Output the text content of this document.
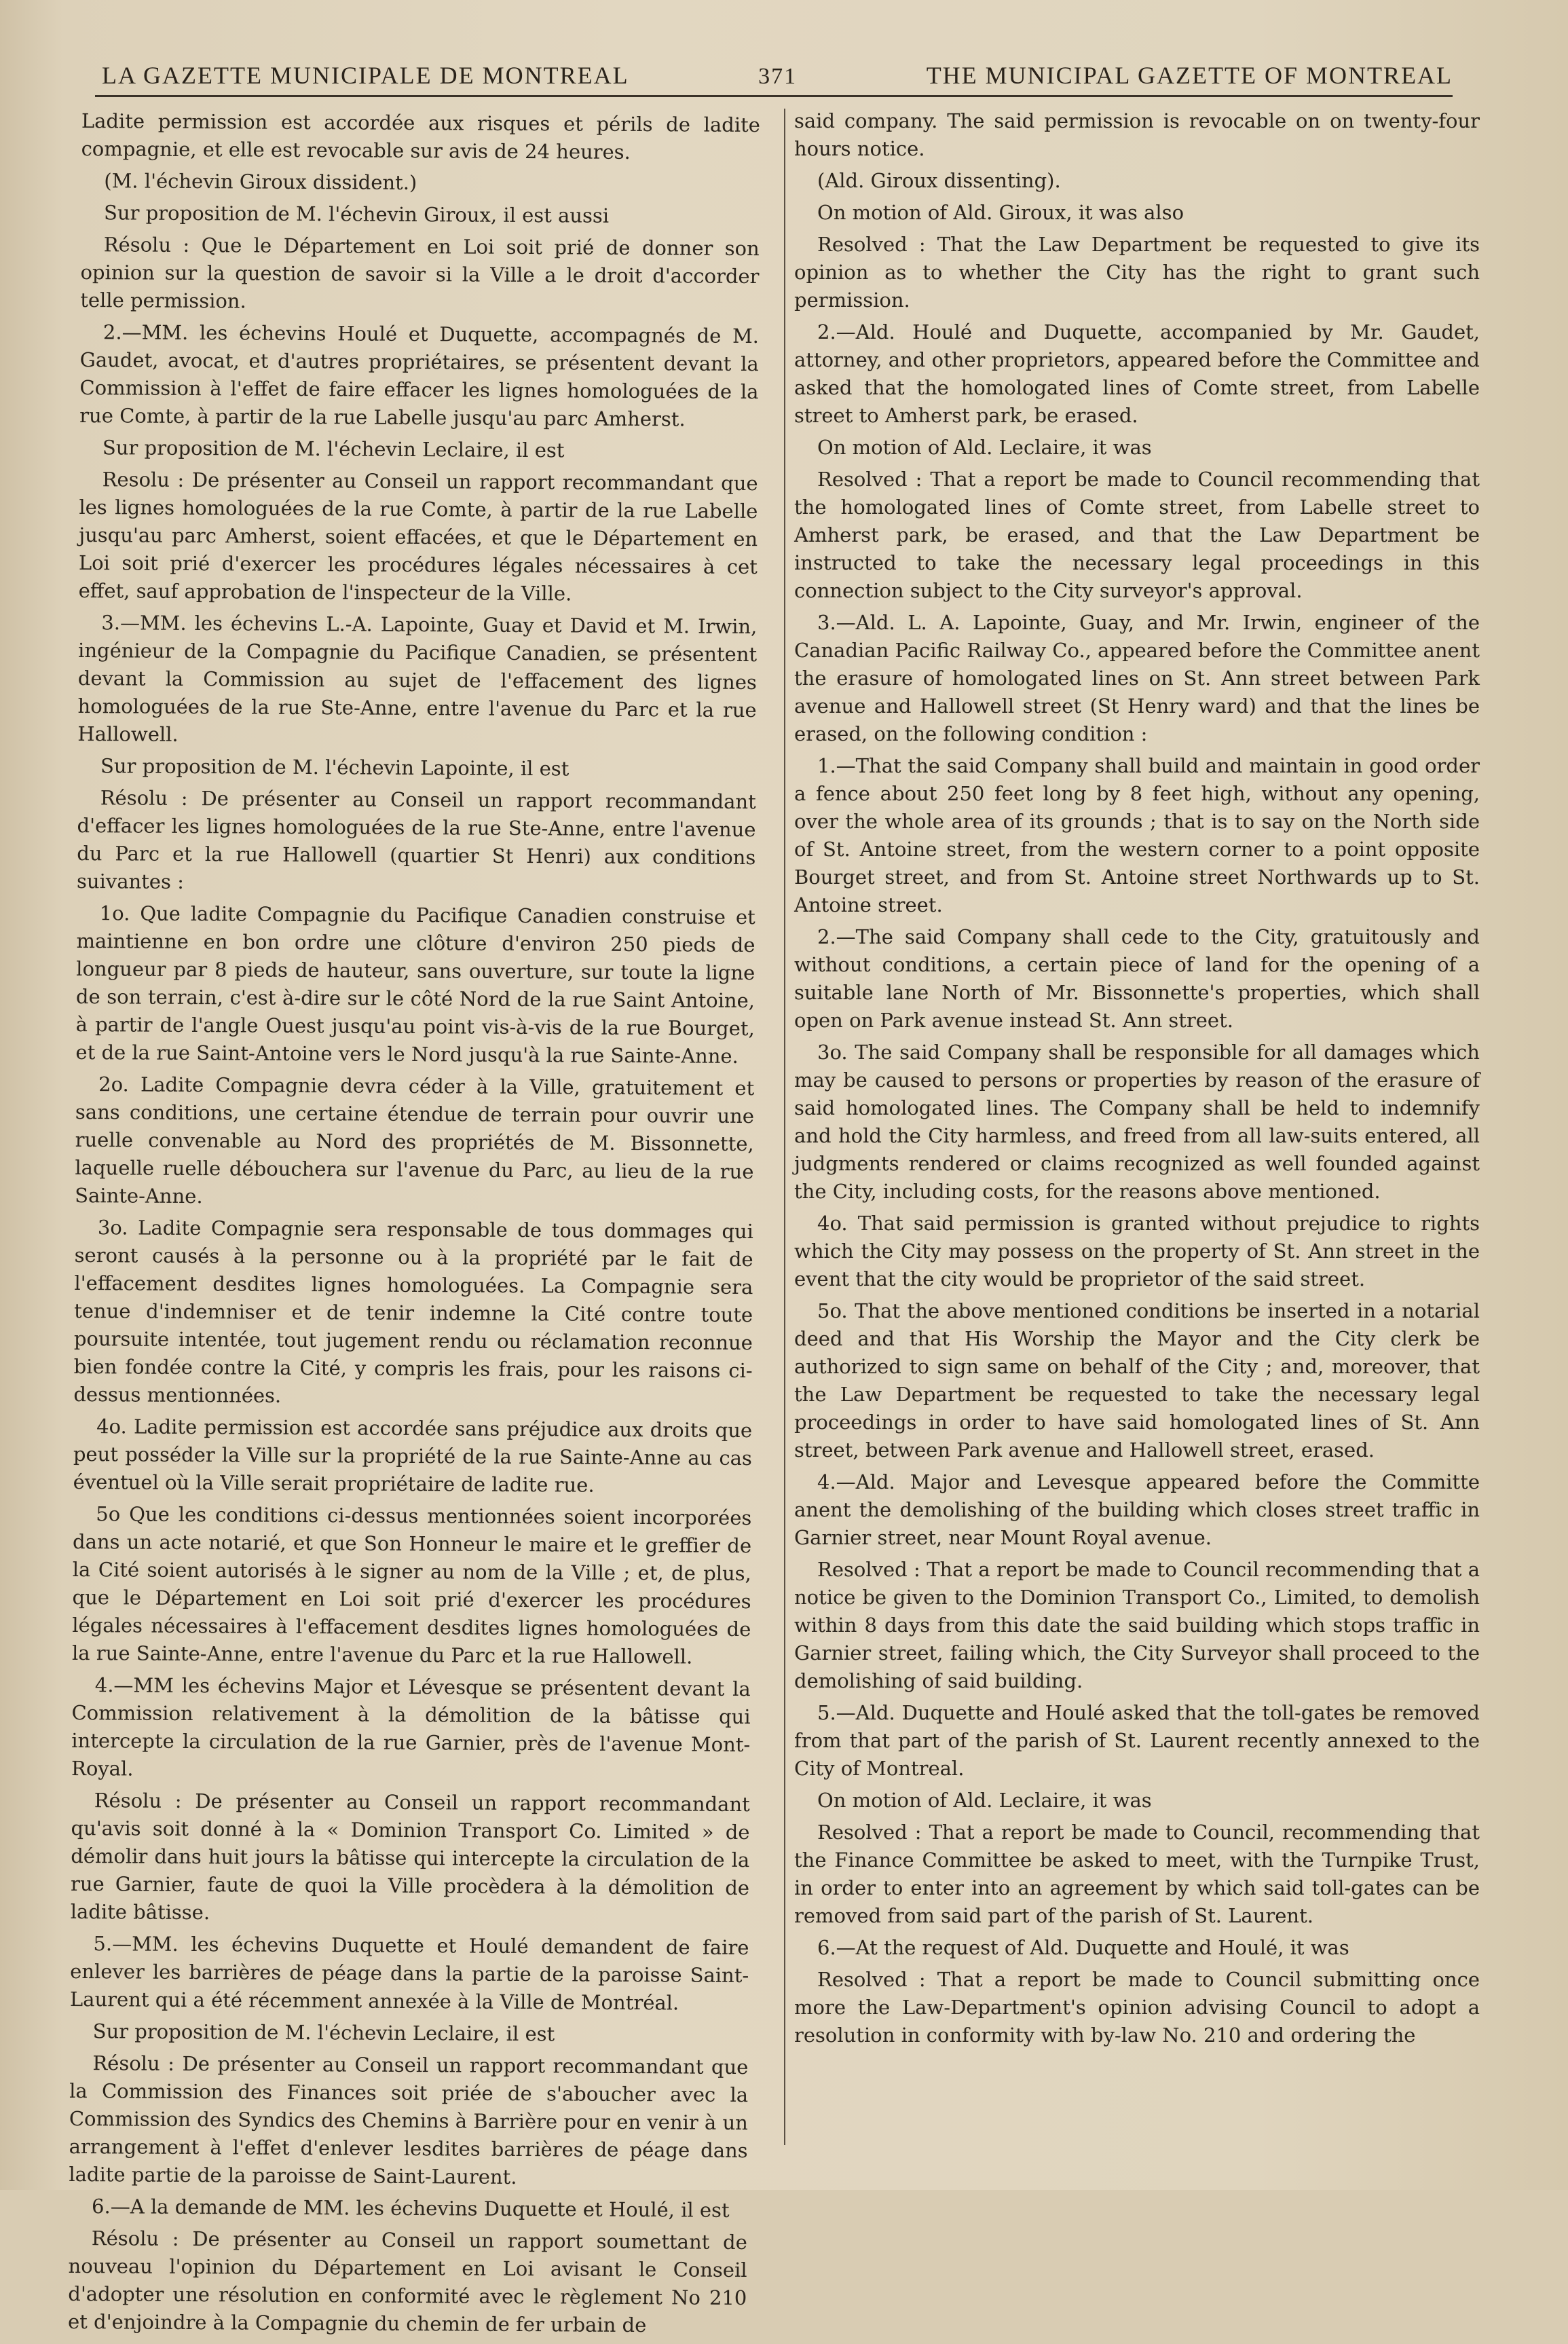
LA GAZETTE MUNICIPALE DE MONTREAL	371	THE MUNICIPAL GAZETTE OF MONTREAL

Ladite permission est accordée aux risques et périls de ladite compagnie, et elle est revocable sur avis de 24 heures.

(M. l'échevin Giroux dissident.)

Sur proposition de M. l'échevin Giroux, il est aussi

Résolu : Que le Département en Loi soit prié de donner son opinion sur la question de savoir si la Ville a le droit d'accorder telle permission.

2.—MM. les échevins Houlé et Duquette, accompagnés de M. Gaudet, avocat, et d'autres propriétaires, se présentent devant la Commission à l'effet de faire effacer les lignes homologuées de la rue Comte, à partir de la rue Labelle jusqu'au parc Amherst.

Sur proposition de M. l'échevin Leclaire, il est

Resolu : De présenter au Conseil un rapport recommandant que les lignes homologuées de la rue Comte, à partir de la rue Labelle jusqu'au parc Amherst, soient effacées, et que le Département en Loi soit prié d'exercer les procédures légales nécessaires à cet effet, sauf approbation de l'inspecteur de la Ville.

3.—MM. les échevins L.-A. Lapointe, Guay et David et M. Irwin, ingénieur de la Compagnie du Pacifique Canadien, se présentent devant la Commission au sujet de l'effacement des lignes homologuées de la rue Ste-Anne, entre l'avenue du Parc et la rue Hallowell.

Sur proposition de M. l'échevin Lapointe, il est

Résolu : De présenter au Conseil un rapport recommandant d'effacer les lignes homologuées de la rue Ste-Anne, entre l'avenue du Parc et la rue Hallowell (quartier St Henri) aux conditions suivantes :

1o. Que ladite Compagnie du Pacifique Canadien construise et maintienne en bon ordre une clôture d'environ 250 pieds de longueur par 8 pieds de hauteur, sans ouverture, sur toute la ligne de son terrain, c'est à-dire sur le côté Nord de la rue Saint Antoine, à partir de l'angle Ouest jusqu'au point vis-à-vis de la rue Bourget, et de la rue Saint-Antoine vers le Nord jusqu'à la rue Sainte-Anne.

2o. Ladite Compagnie devra céder à la Ville, gratuitement et sans conditions, une certaine étendue de terrain pour ouvrir une ruelle convenable au Nord des propriétés de M. Bissonnette, laquelle ruelle débouchera sur l'avenue du Parc, au lieu de la rue Sainte-Anne.

3o. Ladite Compagnie sera responsable de tous dommages qui seront causés à la personne ou à la propriété par le fait de l'effacement desdites lignes homologuées. La Compagnie sera tenue d'indemniser et de tenir indemne la Cité contre toute poursuite intentée, tout jugement rendu ou réclamation reconnue bien fondée contre la Cité, y compris les frais, pour les raisons ci-dessus mentionnées.

4o. Ladite permission est accordée sans préjudice aux droits que peut posséder la Ville sur la propriété de la rue Sainte-Anne au cas éventuel où la Ville serait propriétaire de ladite rue.

5o Que les conditions ci-dessus mentionnées soient incorporées dans un acte notarié, et que Son Honneur le maire et le greffier de la Cité soient autorisés à le signer au nom de la Ville ; et, de plus, que le Département en Loi soit prié d'exercer les procédures légales nécessaires à l'effacement desdites lignes homologuées de la rue Sainte-Anne, entre l'avenue du Parc et la rue Hallowell.

4.—MM les échevins Major et Lévesque se présentent devant la Commission relativement à la démolition de la bâtisse qui intercepte la circulation de la rue Garnier, près de l'avenue Mont-Royal.

Résolu : De présenter au Conseil un rapport recommandant qu'avis soit donné à la « Dominion Transport Co. Limited » de démolir dans huit jours la bâtisse qui intercepte la circulation de la rue Garnier, faute de quoi la Ville procèdera à la démolition de ladite bâtisse.

5.—MM. les échevins Duquette et Houlé demandent de faire enlever les barrières de péage dans la partie de la paroisse Saint-Laurent qui a été récemment annexée à la Ville de Montréal.

Sur proposition de M. l'échevin Leclaire, il est

Résolu : De présenter au Conseil un rapport recommandant que la Commission des Finances soit priée de s'aboucher avec la Commission des Syndics des Chemins à Barrière pour en venir à un arrangement à l'effet d'enlever lesdites barrières de péage dans ladite partie de la paroisse de Saint-Laurent.

6.—A la demande de MM. les échevins Duquette et Houlé, il est

Résolu : De présenter au Conseil un rapport soumettant de nouveau l'opinion du Département en Loi avisant le Conseil d'adopter une résolution en conformité avec le règlement No 210 et d'enjoindre à la Compagnie du chemin de fer urbain de

said company. The said permission is revocable on on twenty-four hours notice.

(Ald. Giroux dissenting).

On motion of Ald. Giroux, it was also

Resolved : That the Law Department be requested to give its opinion as to whether the City has the right to grant such permission.

2.—Ald. Houlé and Duquette, accompanied by Mr. Gaudet, attorney, and other proprietors, appeared before the Committee and asked that the homologated lines of Comte street, from Labelle street to Amherst park, be erased.

On motion of Ald. Leclaire, it was

Resolved : That a report be made to Council recommending that the homologated lines of Comte street, from Labelle street to Amherst park, be erased, and that the Law Department be instructed to take the necessary legal proceedings in this connection subject to the City surveyor's approval.

3.—Ald. L. A. Lapointe, Guay, and Mr. Irwin, engineer of the Canadian Pacific Railway Co., appeared before the Committee anent the erasure of homologated lines on St. Ann street between Park avenue and Hallowell street (St Henry ward) and that the lines be erased, on the following condition :

1.—That the said Company shall build and maintain in good order a fence about 250 feet long by 8 feet high, without any opening, over the whole area of its grounds ; that is to say on the North side of St. Antoine street, from the western corner to a point opposite Bourget street, and from St. Antoine street Northwards up to St. Antoine street.

2.—The said Company shall cede to the City, gratuitously and without conditions, a certain piece of land for the opening of a suitable lane North of Mr. Bissonnette's properties, which shall open on Park avenue instead St. Ann street.

3o. The said Company shall be responsible for all damages which may be caused to persons or properties by reason of the erasure of said homologated lines. The Company shall be held to indemnify and hold the City harmless, and freed from all law-suits entered, all judgments rendered or claims recognized as well founded against the City, including costs, for the reasons above mentioned.

4o. That said permission is granted without prejudice to rights which the City may possess on the property of St. Ann street in the event that the city would be proprietor of the said street.

5o. That the above mentioned conditions be inserted in a notarial deed and that His Worship the Mayor and the City clerk be authorized to sign same on behalf of the City ; and, moreover, that the Law Department be requested to take the necessary legal proceedings in order to have said homologated lines of St. Ann street, between Park avenue and Hallowell street, erased.

4.—Ald. Major and Levesque appeared before the Committe anent the demolishing of the building which closes street traffic in Garnier street, near Mount Royal avenue.

Resolved : That a report be made to Council recommending that a notice be given to the Dominion Transport Co., Limited, to demolish within 8 days from this date the said building which stops traffic in Garnier street, failing which, the City Surveyor shall proceed to the demolishing of said building.

5.—Ald. Duquette and Houlé asked that the toll-gates be removed from that part of the parish of St. Laurent recently annexed to the City of Montreal.

On motion of Ald. Leclaire, it was

Resolved : That a report be made to Council, recommending that the Finance Committee be asked to meet, with the Turnpike Trust, in order to enter into an agreement by which said toll-gates can be removed from said part of the parish of St. Laurent.

6.—At the request of Ald. Duquette and Houlé, it was

Resolved : That a report be made to Council submitting once more the Law-Department's opinion advising Council to adopt a resolution in conformity with by-law No. 210 and ordering the
